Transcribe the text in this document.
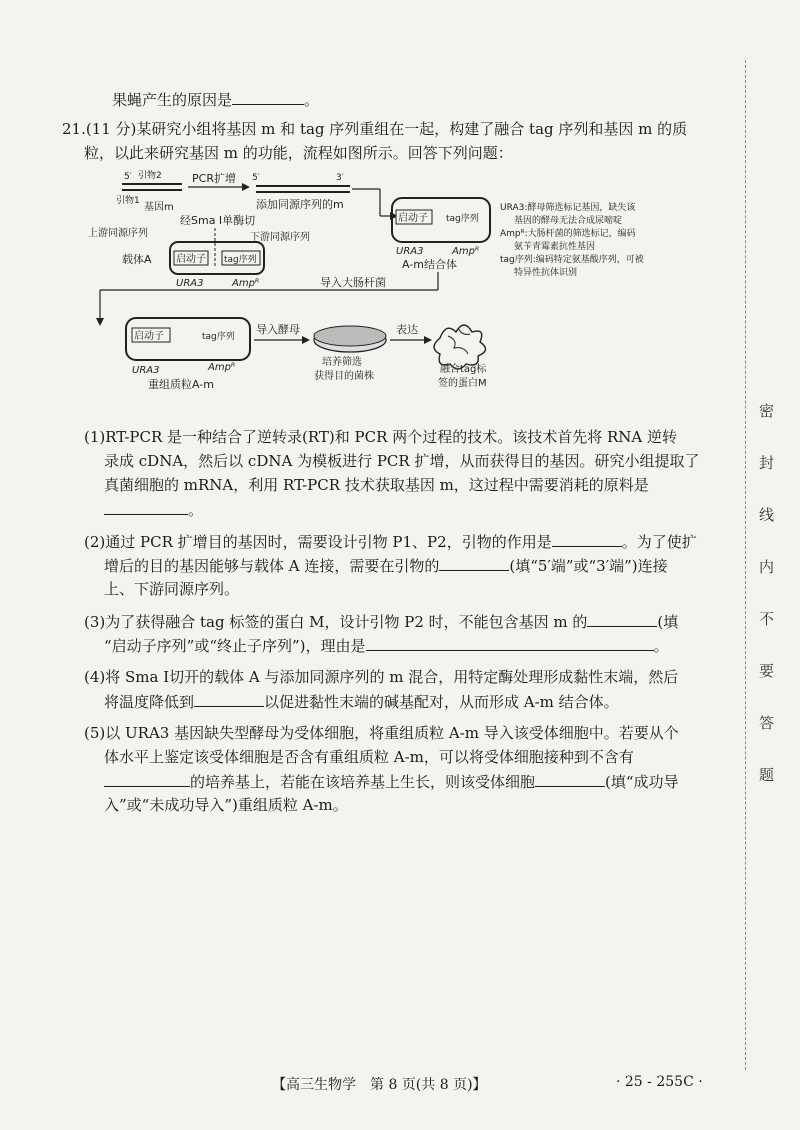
果蝇产生的原因是	。
21.(11 分)某研究小组将基因 m 和 tag 序列重组在一起，构建了融合 tag 序列和基因 m 的质
粒，以此来研究基因 m 的功能，流程如图所示。回答下列问题：
5′ 引物2
引物1
基因m
PCR扩增 5′	3′
添加同源序列的m
经Sma Ⅰ单酶切
上游同源序列	下游同源序列
载体A 启动子 tag序列
URA3	Ampᴿ
启动子 tag序列
URA3	Ampᴿ
A-m结合体
URA3:酵母筛选标记基因，缺失该
基因的酵母无法合成尿嘧啶
Ampᴿ:大肠杆菌的筛选标记，编码
氨苄青霉素抗性基因
tag序列:编码特定氨基酸序列，可被
特异性抗体识别
导入大肠杆菌
启动子	tag序列
URA3	Ampᴿ
重组质粒A-m
导入酵母
培养筛选
获得目的菌株
表达
融合tag标
签的蛋白M
(1)RT-PCR 是一种结合了逆转录(RT)和 PCR 两个过程的技术。该技术首先将 RNA 逆转
录成 cDNA，然后以 cDNA 为模板进行 PCR 扩增，从而获得目的基因。研究小组提取了
真菌细胞的 mRNA，利用 RT-PCR 技术获取基因 m，这过程中需要消耗的原料是
。
(2)通过 PCR 扩增目的基因时，需要设计引物 P1、P2，引物的作用是	。为了使扩
增后的目的基因能够与载体 A 连接，需要在引物的	(填“5′端”或“3′端”)连接
上、下游同源序列。
(3)为了获得融合 tag 标签的蛋白 M，设计引物 P2 时，不能包含基因 m 的	(填
“启动子序列”或“终止子序列”)，理由是	。
(4)将 Sma Ⅰ切开的载体 A 与添加同源序列的 m 混合，用特定酶处理形成黏性末端，然后
将温度降低到	以促进黏性末端的碱基配对，从而形成 A-m 结合体。
(5)以 URA3 基因缺失型酵母为受体细胞，将重组质粒 A-m 导入该受体细胞中。若要从个
体水平上鉴定该受体细胞是否含有重组质粒 A-m，可以将受体细胞接种到不含有
的培养基上，若能在该培养基上生长，则该受体细胞	(填“成功导
入”或“未成功导入”)重组质粒 A-m。
密
封
线
内
不
要
答
题
【高三生物学　第 8 页(共 8 页)】	· 25 - 255C ·
